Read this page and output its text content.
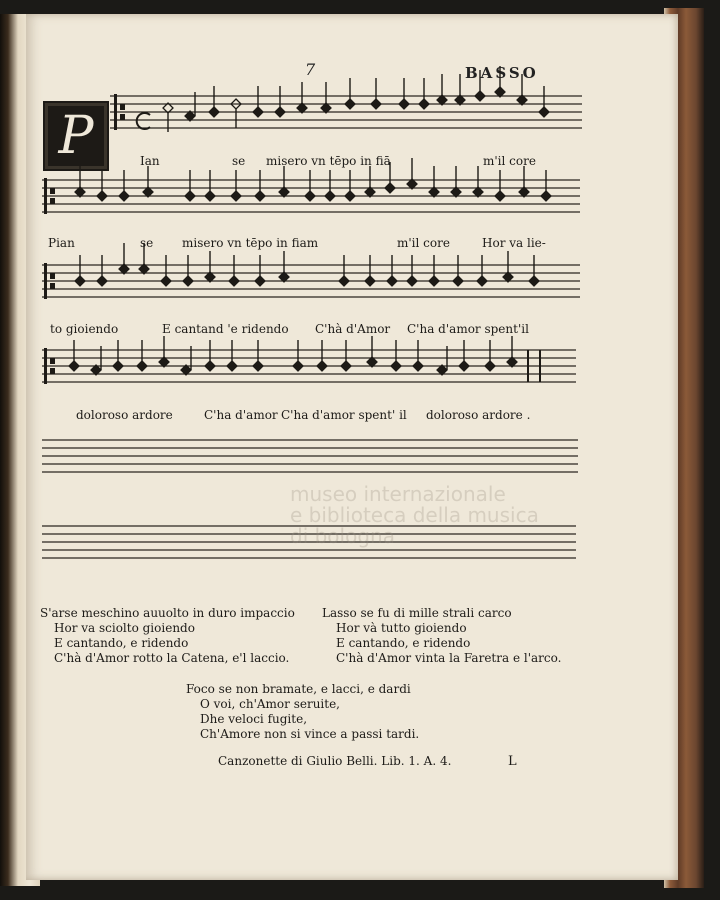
7	BASSO
P	Ian	se misero vn tēpo in fiā	m'il core
Pian	se misero vn tēpo in fiam	m'il core	Hor va lie-
to gioiendo	E cantand 'e ridendo C'hà d'Amor C'ha d'amor spent'il
doloroso ardore	C'ha d'amor C'ha d'amor spent' il doloroso ardore .
museo internazionale
e biblioteca della musica
di bologna
S'arse meschino auuolto in duro impaccio
Hor va sciolto gioiendo
E cantando, e ridendo
C'hà d'Amor rotto la Catena, e'l laccio.
Lasso se fu di mille strali carco
Hor và tutto gioiendo
E cantando, e ridendo
C'hà d'Amor vinta la Faretra e l'arco.
Foco se non bramate, e lacci, e dardi
O voi, ch'Amor seruite,
Dhe veloci fugite,
Ch'Amore non si vince a passi tardi.
Canzonette di Giulio Belli. Lib. 1. A. 4.	L
